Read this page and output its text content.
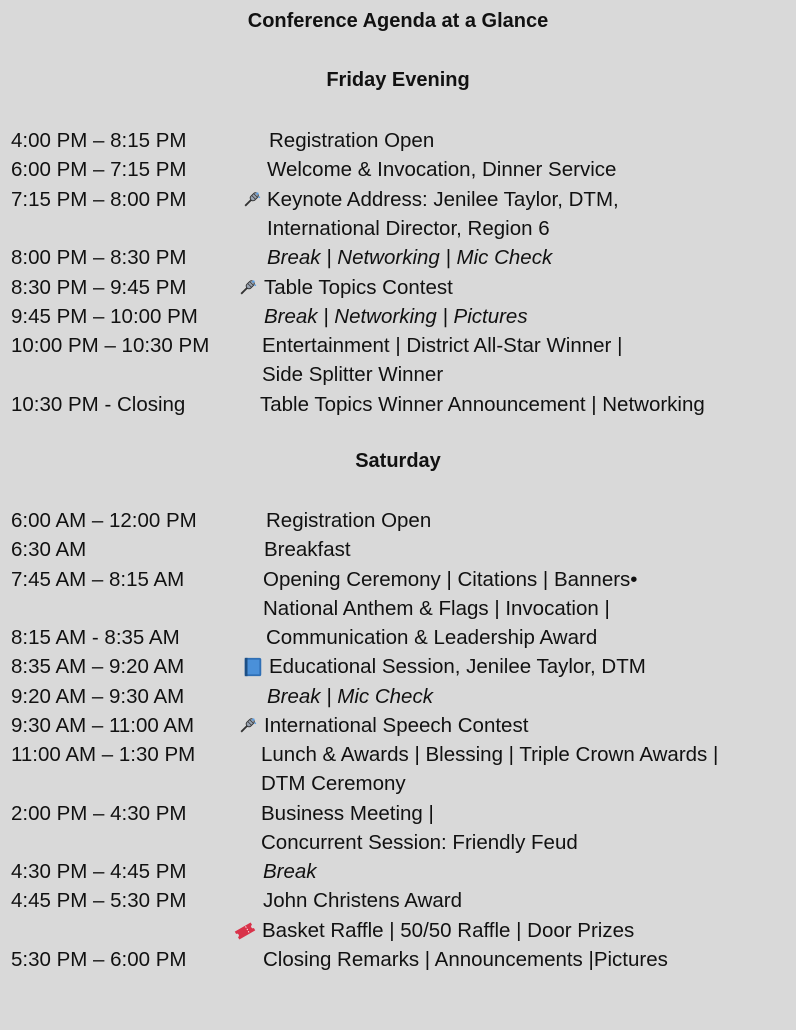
Conference Agenda at a Glance
Friday Evening
4:00 PM – 8:15 PM	Registration Open
6:00 PM – 7:15 PM	Welcome & Invocation, Dinner Service
7:15 PM – 8:00 PM	Keynote Address: Jenilee Taylor, DTM,
International Director, Region 6
8:00 PM – 8:30 PM	Break | Networking | Mic Check
8:30 PM – 9:45 PM	Table Topics Contest
9:45 PM – 10:00 PM	Break | Networking | Pictures
10:00 PM – 10:30 PM	Entertainment | District All-Star Winner |
Side Splitter Winner
10:30 PM - Closing	Table Topics Winner Announcement | Networking
Saturday
6:00 AM – 12:00 PM	Registration Open
6:30 AM	Breakfast
7:45 AM – 8:15 AM	Opening Ceremony | Citations | Banners•
National Anthem & Flags | Invocation |
8:15 AM - 8:35 AM	Communication & Leadership Award
8:35 AM – 9:20 AM	Educational Session, Jenilee Taylor, DTM
9:20 AM – 9:30 AM	Break | Mic Check
9:30 AM – 11:00 AM	International Speech Contest
11:00 AM – 1:30 PM	Lunch & Awards | Blessing | Triple Crown Awards |
DTM Ceremony
2:00 PM – 4:30 PM	Business Meeting |
Concurrent Session: Friendly Feud
4:30 PM – 4:45 PM	Break
4:45 PM – 5:30 PM	John Christens Award
Basket Raffle | 50/50 Raffle | Door Prizes
5:30 PM – 6:00 PM	Closing Remarks | Announcements |Pictures
